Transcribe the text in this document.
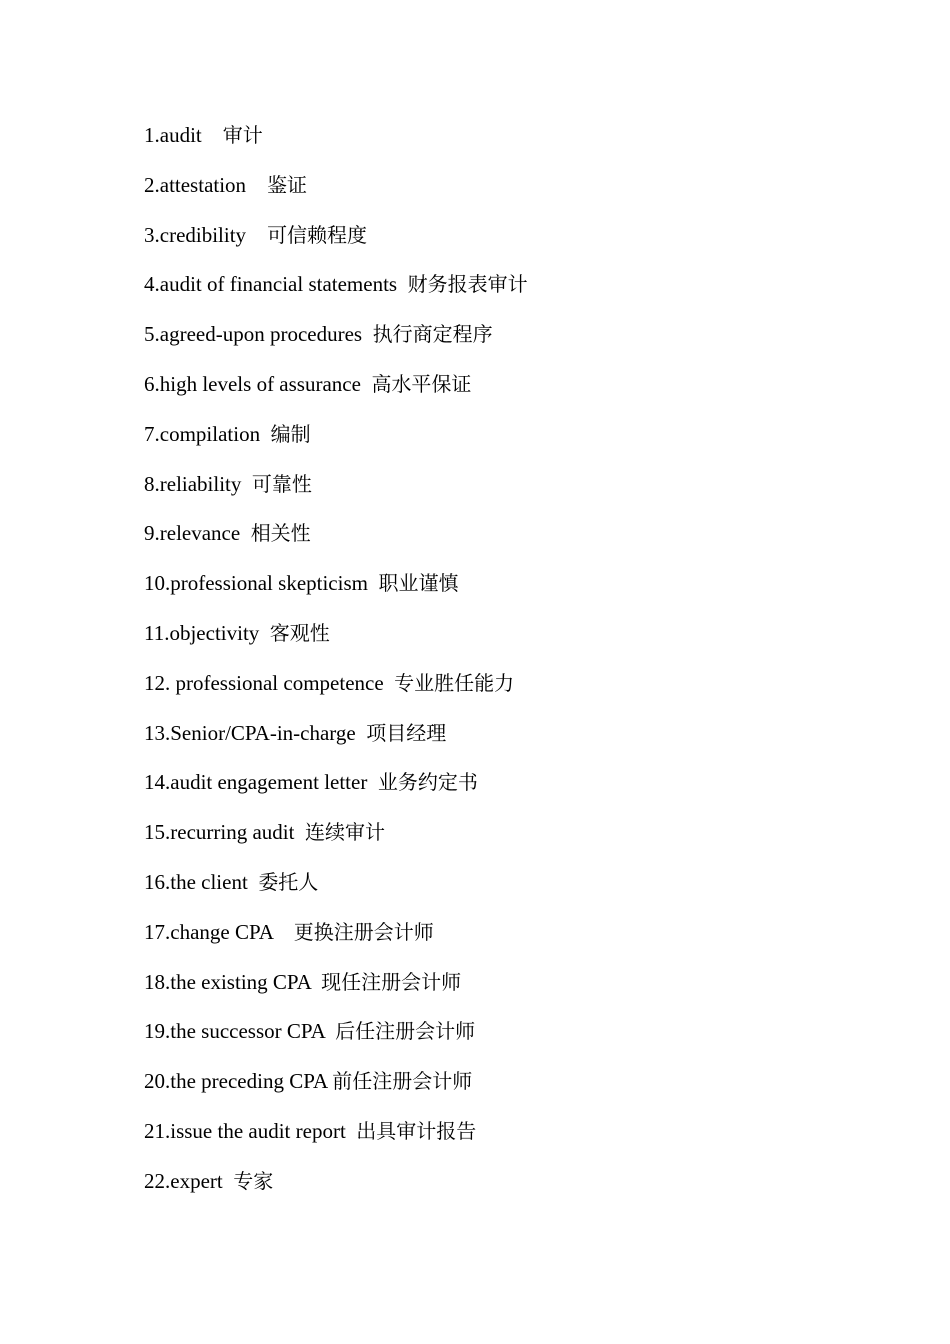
1.audit 审计
2.attestation 鉴证
3.credibility 可信赖程度
4.audit of financial statements 财务报表审计
5.agreed-upon procedures 执行商定程序
6.high levels of assurance 高水平保证
7.compilation 编制
8.reliability 可靠性
9.relevance 相关性
10.professional skepticism 职业谨慎
11.objectivity 客观性
12. professional competence 专业胜任能力
13.Senior/CPA-in-charge 项目经理
14.audit engagement letter 业务约定书
15.recurring audit 连续审计
16.the client 委托人
17.change CPA 更换注册会计师
18.the existing CPA 现任注册会计师
19.the successor CPA 后任注册会计师
20.the preceding CPA 前任注册会计师
21.issue the audit report 出具审计报告
22.expert 专家
